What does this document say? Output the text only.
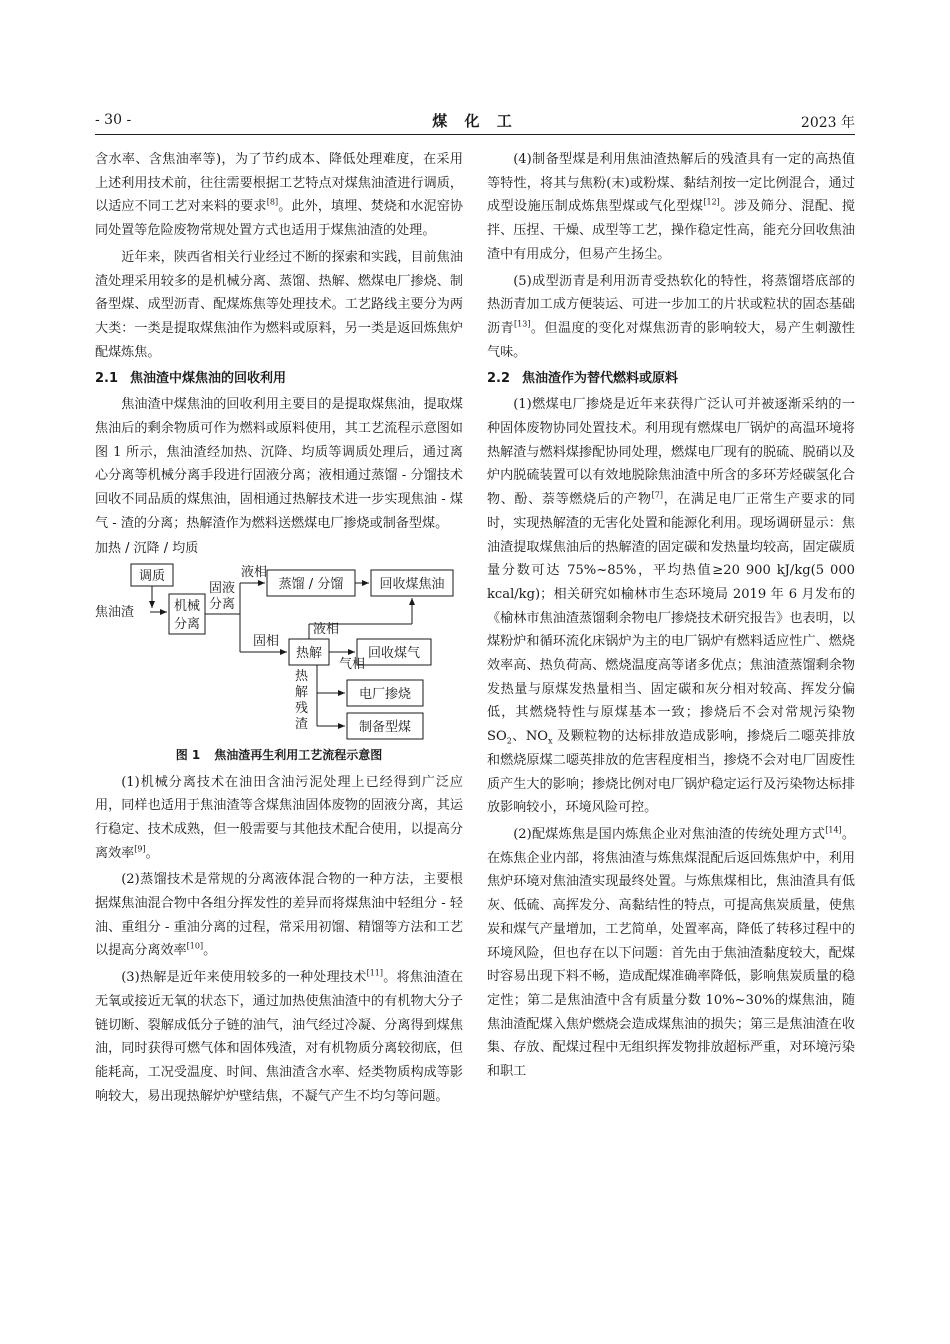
- 30 -	煤 化 工	2023 年

含水率、含焦油率等)，为了节约成本、降低处理难度，在采用上述利用技术前，往往需要根据工艺特点对煤焦油渣进行调质，以适应不同工艺对来料的要求[8]。此外，填埋、焚烧和水泥窑协同处置等危险废物常规处置方式也适用于煤焦油渣的处理。

近年来，陕西省相关行业经过不断的探索和实践，目前焦油渣处理采用较多的是机械分离、蒸馏、热解、燃煤电厂掺烧、制备型煤、成型沥青、配煤炼焦等处理技术。工艺路线主要分为两大类：一类是提取煤焦油作为燃料或原料，另一类是返回炼焦炉配煤炼焦。

2.1 焦油渣中煤焦油的回收利用

焦油渣中煤焦油的回收利用主要目的是提取煤焦油，提取煤焦油后的剩余物质可作为燃料或原料使用，其工艺流程示意图如图 1 所示，焦油渣经加热、沉降、均质等调质处理后，通过离心分离等机械分离手段进行固液分离；液相通过蒸馏 - 分馏技术回收不同品质的煤焦油，固相通过热解技术进一步实现焦油 - 煤气 - 渣的分离；热解渣作为燃料送燃煤电厂掺烧或制备型煤。

加热 / 沉降 / 均质
调质
焦油渣	机械
分离
固液
分离
液相
蒸馏 / 分馏	回收煤焦油
固相
热解
液相
气相
回收煤气
热
解
残
渣
电厂掺烧
制备型煤
图 1 焦油渣再生利用工艺流程示意图

(1)机械分离技术在油田含油污泥处理上已经得到广泛应用，同样也适用于焦油渣等含煤焦油固体废物的固液分离，其运行稳定、技术成熟，但一般需要与其他技术配合使用，以提高分离效率[9]。

(2)蒸馏技术是常规的分离液体混合物的一种方法，主要根据煤焦油混合物中各组分挥发性的差异而将煤焦油中轻组分 - 轻油、重组分 - 重油分离的过程，常采用初馏、精馏等方法和工艺以提高分离效率[10]。

(3)热解是近年来使用较多的一种处理技术[11]。将焦油渣在无氧或接近无氧的状态下，通过加热使焦油渣中的有机物大分子链切断、裂解成低分子链的油气，油气经过冷凝、分离得到煤焦油，同时获得可燃气体和固体残渣，对有机物质分离较彻底，但能耗高，工况受温度、时间、焦油渣含水率、烃类物质构成等影响较大，易出现热解炉炉壁结焦，不凝气产生不均匀等问题。

(4)制备型煤是利用焦油渣热解后的残渣具有一定的高热值等特性，将其与焦粉(末)或粉煤、黏结剂按一定比例混合，通过成型设施压制成炼焦型煤或气化型煤[12]。涉及筛分、混配、搅拌、压捏、干燥、成型等工艺，操作稳定性高，能充分回收焦油渣中有用成分，但易产生扬尘。

(5)成型沥青是利用沥青受热软化的特性，将蒸馏塔底部的热沥青加工成方便装运、可进一步加工的片状或粒状的固态基础沥青[13]。但温度的变化对煤焦沥青的影响较大，易产生刺激性气味。

2.2 焦油渣作为替代燃料或原料

(1)燃煤电厂掺烧是近年来获得广泛认可并被逐渐采纳的一种固体废物协同处置技术。利用现有燃煤电厂锅炉的高温环境将热解渣与燃料煤掺配协同处理，燃煤电厂现有的脱硫、脱硝以及炉内脱硫装置可以有效地脱除焦油渣中所含的多环芳烃碳氢化合物、酚、萘等燃烧后的产物[7]，在满足电厂正常生产要求的同时，实现热解渣的无害化处置和能源化利用。现场调研显示：焦油渣提取煤焦油后的热解渣的固定碳和发热量均较高，固定碳质量分数可达 75%~85%，平均热值≥20 900 kJ/kg(5 000 kcal/kg)；相关研究如榆林市生态环境局 2019 年 6 月发布的《榆林市焦油渣蒸馏剩余物电厂掺烧技术研究报告》也表明，以煤粉炉和循环流化床锅炉为主的电厂锅炉有燃料适应性广、燃烧效率高、热负荷高、燃烧温度高等诸多优点；焦油渣蒸馏剩余物发热量与原煤发热量相当、固定碳和灰分相对较高、挥发分偏低，其燃烧特性与原煤基本一致；掺烧后不会对常规污染物 $SO_2$、$NO_x$ 及颗粒物的达标排放造成影响，掺烧后二噁英排放和燃烧原煤二噁英排放的危害程度相当，掺烧不会对电厂固废性质产生大的影响；掺烧比例对电厂锅炉稳定运行及污染物达标排放影响较小，环境风险可控。

(2)配煤炼焦是国内炼焦企业对焦油渣的传统处理方式[14]。在炼焦企业内部，将焦油渣与炼焦煤混配后返回炼焦炉中，利用焦炉环境对焦油渣实现最终处置。与炼焦煤相比，焦油渣具有低灰、低硫、高挥发分、高黏结性的特点，可提高焦炭质量，使焦炭和煤气产量增加，工艺简单，处置率高，降低了转移过程中的环境风险，但也存在以下问题：首先由于焦油渣黏度较大，配煤时容易出现下料不畅，造成配煤准确率降低，影响焦炭质量的稳定性；第二是焦油渣中含有质量分数 10%~30%的煤焦油，随焦油渣配煤入焦炉燃烧会造成煤焦油的损失；第三是焦油渣在收集、存放、配煤过程中无组织挥发物排放超标严重，对环境污染和职工
